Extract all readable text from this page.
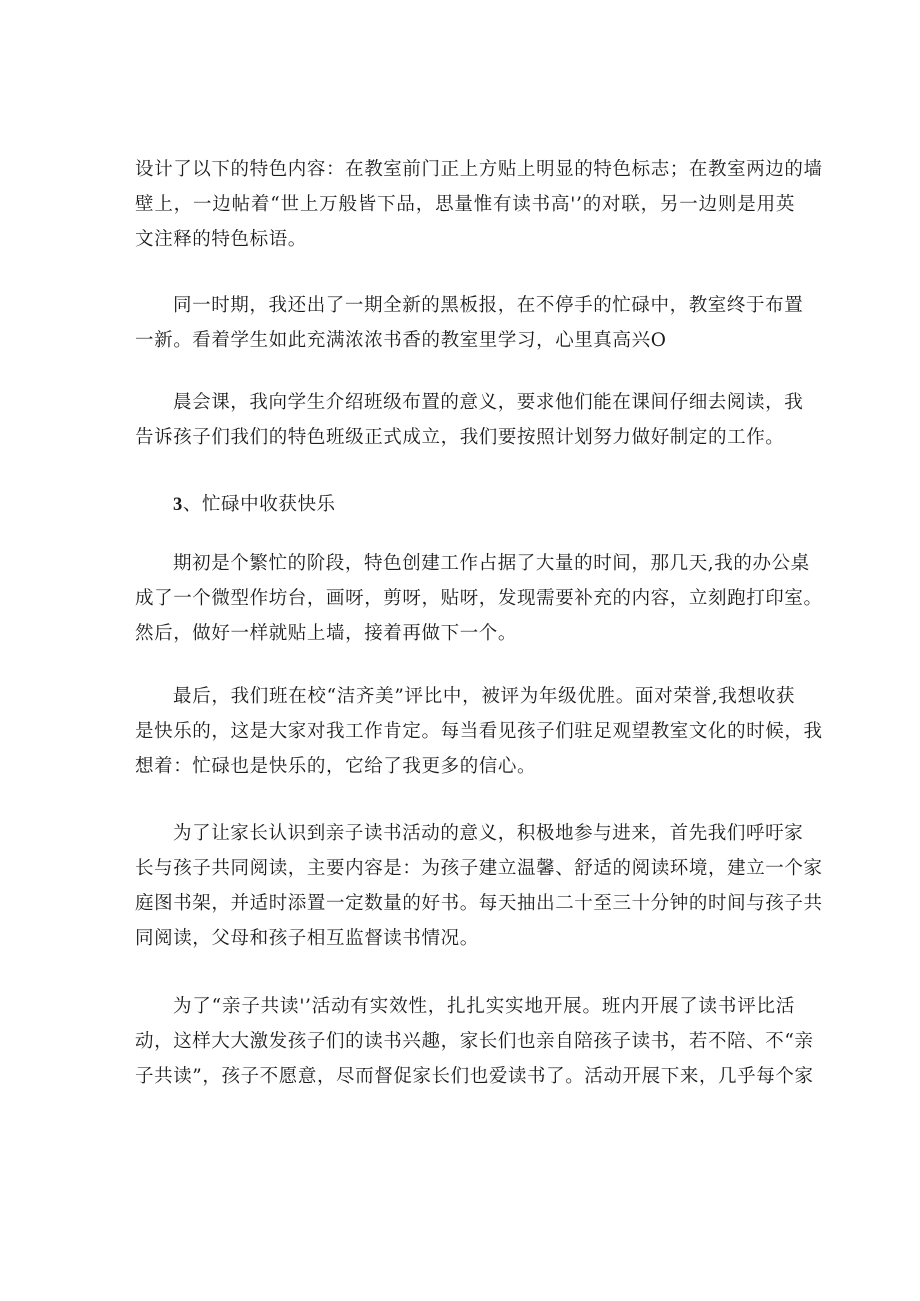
设计了以下的特色内容：在教室前门正上方贴上明显的特色标志；在教室两边的墙
壁上，一边帖着“世上万般皆下品，思量惟有读书高'’的对联，另一边则是用英
文注释的特色标语。

同一时期，我还出了一期全新的黑板报，在不停手的忙碌中，教室终于布置
一新。看着学生如此充满浓浓书香的教室里学习，心里真高兴O

晨会课，我向学生介绍班级布置的意义，要求他们能在课间仔细去阅读，我
告诉孩子们我们的特色班级正式成立，我们要按照计划努力做好制定的工作。

3、忙碌中收获快乐

期初是个繁忙的阶段，特色创建工作占据了大量的时间，那几天,我的办公桌
成了一个微型作坊台，画呀，剪呀，贴呀，发现需要补充的内容，立刻跑打印室。
然后，做好一样就贴上墙，接着再做下一个。

最后，我们班在校“洁齐美”评比中，被评为年级优胜。面对荣誉,我想收获
是快乐的，这是大家对我工作肯定。每当看见孩子们驻足观望教室文化的时候，我
想着：忙碌也是快乐的，它给了我更多的信心。

为了让家长认识到亲子读书活动的意义，积极地参与进来，首先我们呼吁家
长与孩子共同阅读，主要内容是：为孩子建立温馨、舒适的阅读环境，建立一个家
庭图书架，并适时添置一定数量的好书。每天抽出二十至三十分钟的时间与孩子共
同阅读，父母和孩子相互监督读书情况。

为了“亲子共读'’活动有实效性，扎扎实实地开展。班内开展了读书评比活
动，这样大大激发孩子们的读书兴趣，家长们也亲自陪孩子读书，若不陪、不“亲
子共读”，孩子不愿意，尽而督促家长们也爱读书了。活动开展下来，几乎每个家
